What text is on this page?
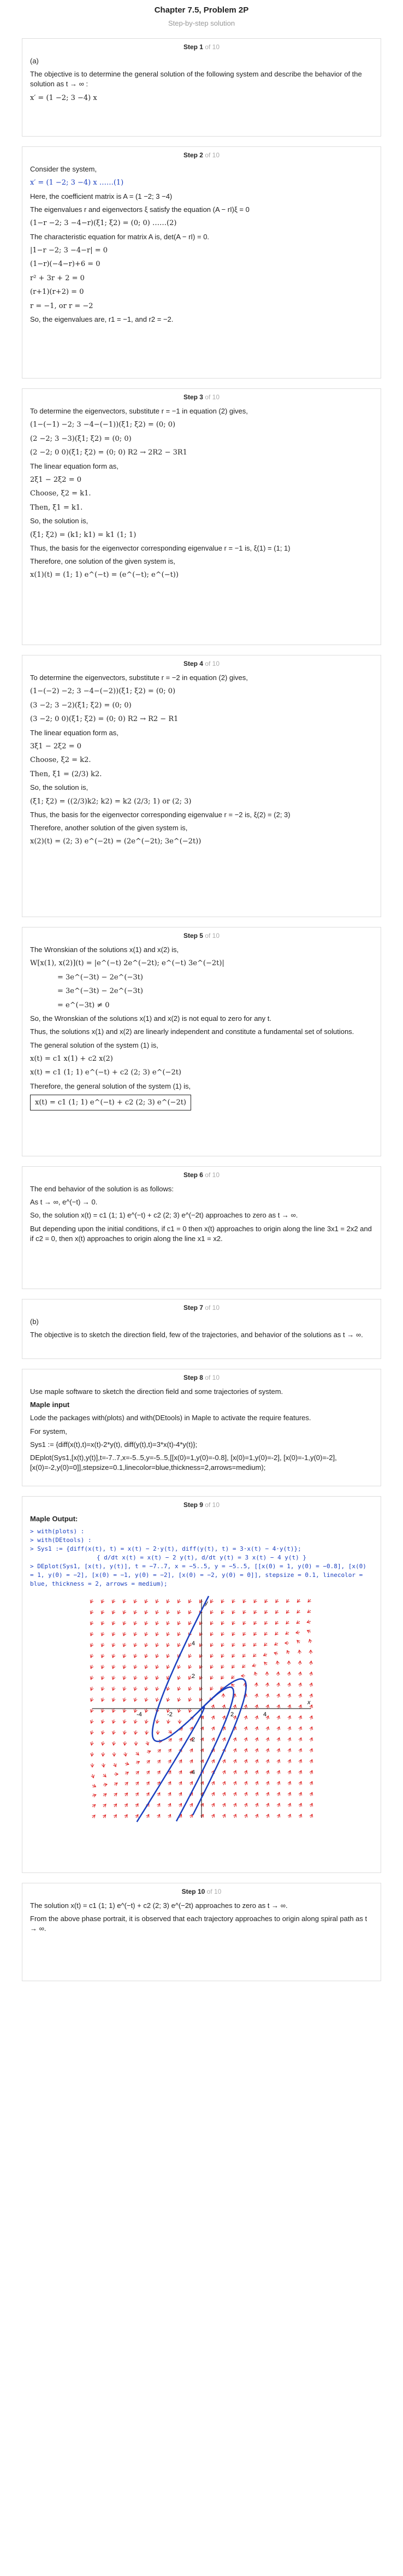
Chapter 7.5, Problem 2P
Step-by-step solution
Step 1 of 10

(a)

The objective is to determine the general solution of the following system and describe the behavior of the solution as t → ∞ :

x′ = (1 −2; 3 −4) x
Step 2 of 10

Consider the system,

x′ = (1 −2; 3 −4) x ……(1)

Here, the coefficient matrix is A = (1 −2; 3 −4)

The eigenvalues r and eigenvectors ξ satisfy the equation (A − rI)ξ = 0

(1−r −2; 3 −4−r)(ξ1; ξ2) = (0; 0) ……(2)

The characteristic equation for matrix A is, det(A − rI) = 0.

|1−r −2; 3 −4−r| = 0
(1−r)(−4−r)+6 = 0
r² + 3r + 2 = 0
(r+1)(r+2) = 0
r = −1, or r = −2

So, the eigenvalues are, r1 = −1, and r2 = −2.

Step 3 of 10

To determine the eigenvectors, substitute r = −1 in equation (2) gives,

(1−(−1) −2; 3 −4−(−1))(ξ1; ξ2) = (0; 0)
(2 −2; 3 −3)(ξ1; ξ2) = (0; 0)
(2 −2; 0 0)(ξ1; ξ2) = (0; 0) R2 → 2R2 − 3R1

The linear equation form as,

2ξ1 − 2ξ2 = 0
Choose, ξ2 = k1.
Then, ξ1 = k1.

So, the solution is,

(ξ1; ξ2) = (k1; k1) = k1 (1; 1)

Thus, the basis for the eigenvector corresponding eigenvalue r = −1 is, ξ(1) = (1; 1)

Therefore, one solution of the given system is,

x(1)(t) = (1; 1) e^(−t) = (e^(−t); e^(−t))
Step 4 of 10

To determine the eigenvectors, substitute r = −2 in equation (2) gives,

(1−(−2) −2; 3 −4−(−2))(ξ1; ξ2) = (0; 0)
(3 −2; 3 −2)(ξ1; ξ2) = (0; 0)
(3 −2; 0 0)(ξ1; ξ2) = (0; 0) R2 → R2 − R1

The linear equation form as,

3ξ1 − 2ξ2 = 0
Choose, ξ2 = k2.
Then, ξ1 = (2/3) k2.

So, the solution is,

(ξ1; ξ2) = ((2/3)k2; k2) = k2 (2/3; 1) or (2; 3)

Thus, the basis for the eigenvector corresponding eigenvalue r = −2 is, ξ(2) = (2; 3)

Therefore, another solution of the given system is,

x(2)(t) = (2; 3) e^(−2t) = (2e^(−2t); 3e^(−2t))
Step 5 of 10

The Wronskian of the solutions x(1) and x(2) is,

W[x(1), x(2)](t) = |e^(−t) 2e^(−2t); e^(−t) 3e^(−2t)|
= 3e^(−3t) − 2e^(−3t)
= 3e^(−3t) − 2e^(−3t)
= e^(−3t) ≠ 0

So, the Wronskian of the solutions x(1) and x(2) is not equal to zero for any t.

Thus, the solutions x(1) and x(2) are linearly independent and constitute a fundamental set of solutions.

The general solution of the system (1) is,

x(t) = c1 x(1) + c2 x(2)
x(t) = c1 (1; 1) e^(−t) + c2 (2; 3) e^(−2t)

Therefore, the general solution of the system (1) is,

x(t) = c1 (1; 1) e^(−t) + c2 (2; 3) e^(−2t)
Step 6 of 10

The end behavior of the solution is as follows:

As t → ∞, e^(−t) → 0.

So, the solution x(t) = c1 (1; 1) e^(−t) + c2 (2; 3) e^(−2t) approaches to zero as t → ∞.

But depending upon the initial conditions, if c1 = 0 then x(t) approaches to origin along the line 3x1 = 2x2 and if c2 = 0, then x(t) approaches to origin along the line x1 = x2.

Step 7 of 10

(b)

The objective is to sketch the direction field, few of the trajectories, and behavior of the solutions as t → ∞.

Step 8 of 10

Use maple software to sketch the direction field and some trajectories of system.

Maple input

Lode the packages with(plots) and with(DEtools) in Maple to activate the require features.

For system,

Sys1 := {diff(x(t),t)=x(t)-2*y(t), diff(y(t),t)=3*x(t)-4*y(t)};

DEplot(Sys1,[x(t),y(t)],t=-7..7,x=-5..5,y=-5..5,[[x(0)=1,y(0)=-0.8], [x(0)=1,y(0)=-2], [x(0)=-1,y(0)=-2], [x(0)=-2,y(0)=0]],stepsize=0.1,linecolor=blue,thickness=2,arrows=medium);

Step 9 of 10

Maple Output:

> with(plots) :
> with(DEtools) :
> Sys1 := {diff(x(t), t) = x(t) − 2·y(t), diff(y(t), t) = 3·x(t) − 4·y(t)};
{ d/dt x(t) = x(t) − 2 y(t), d/dt y(t) = 3 x(t) − 4 y(t) }
> DEplot(Sys1, [x(t), y(t)], t = −7..7, x = −5..5, y = −5..5, [[x(0) = 1, y(0) = −0.8], [x(0) = 1, y(0) = −2], [x(0) = −1, y(0) = −2], [x(0) = −2, y(0) = 0]], stepsize = 0.1, linecolor = blue, thickness = 2, arrows = medium);
-4	-2	2	4
4
2
-2
-4
x
y
Step 10 of 10

The solution x(t) = c1 (1; 1) e^(−t) + c2 (2; 3) e^(−2t) approaches to zero as t → ∞.

From the above phase portrait, it is observed that each trajectory approaches to origin along spiral path as t → ∞.
